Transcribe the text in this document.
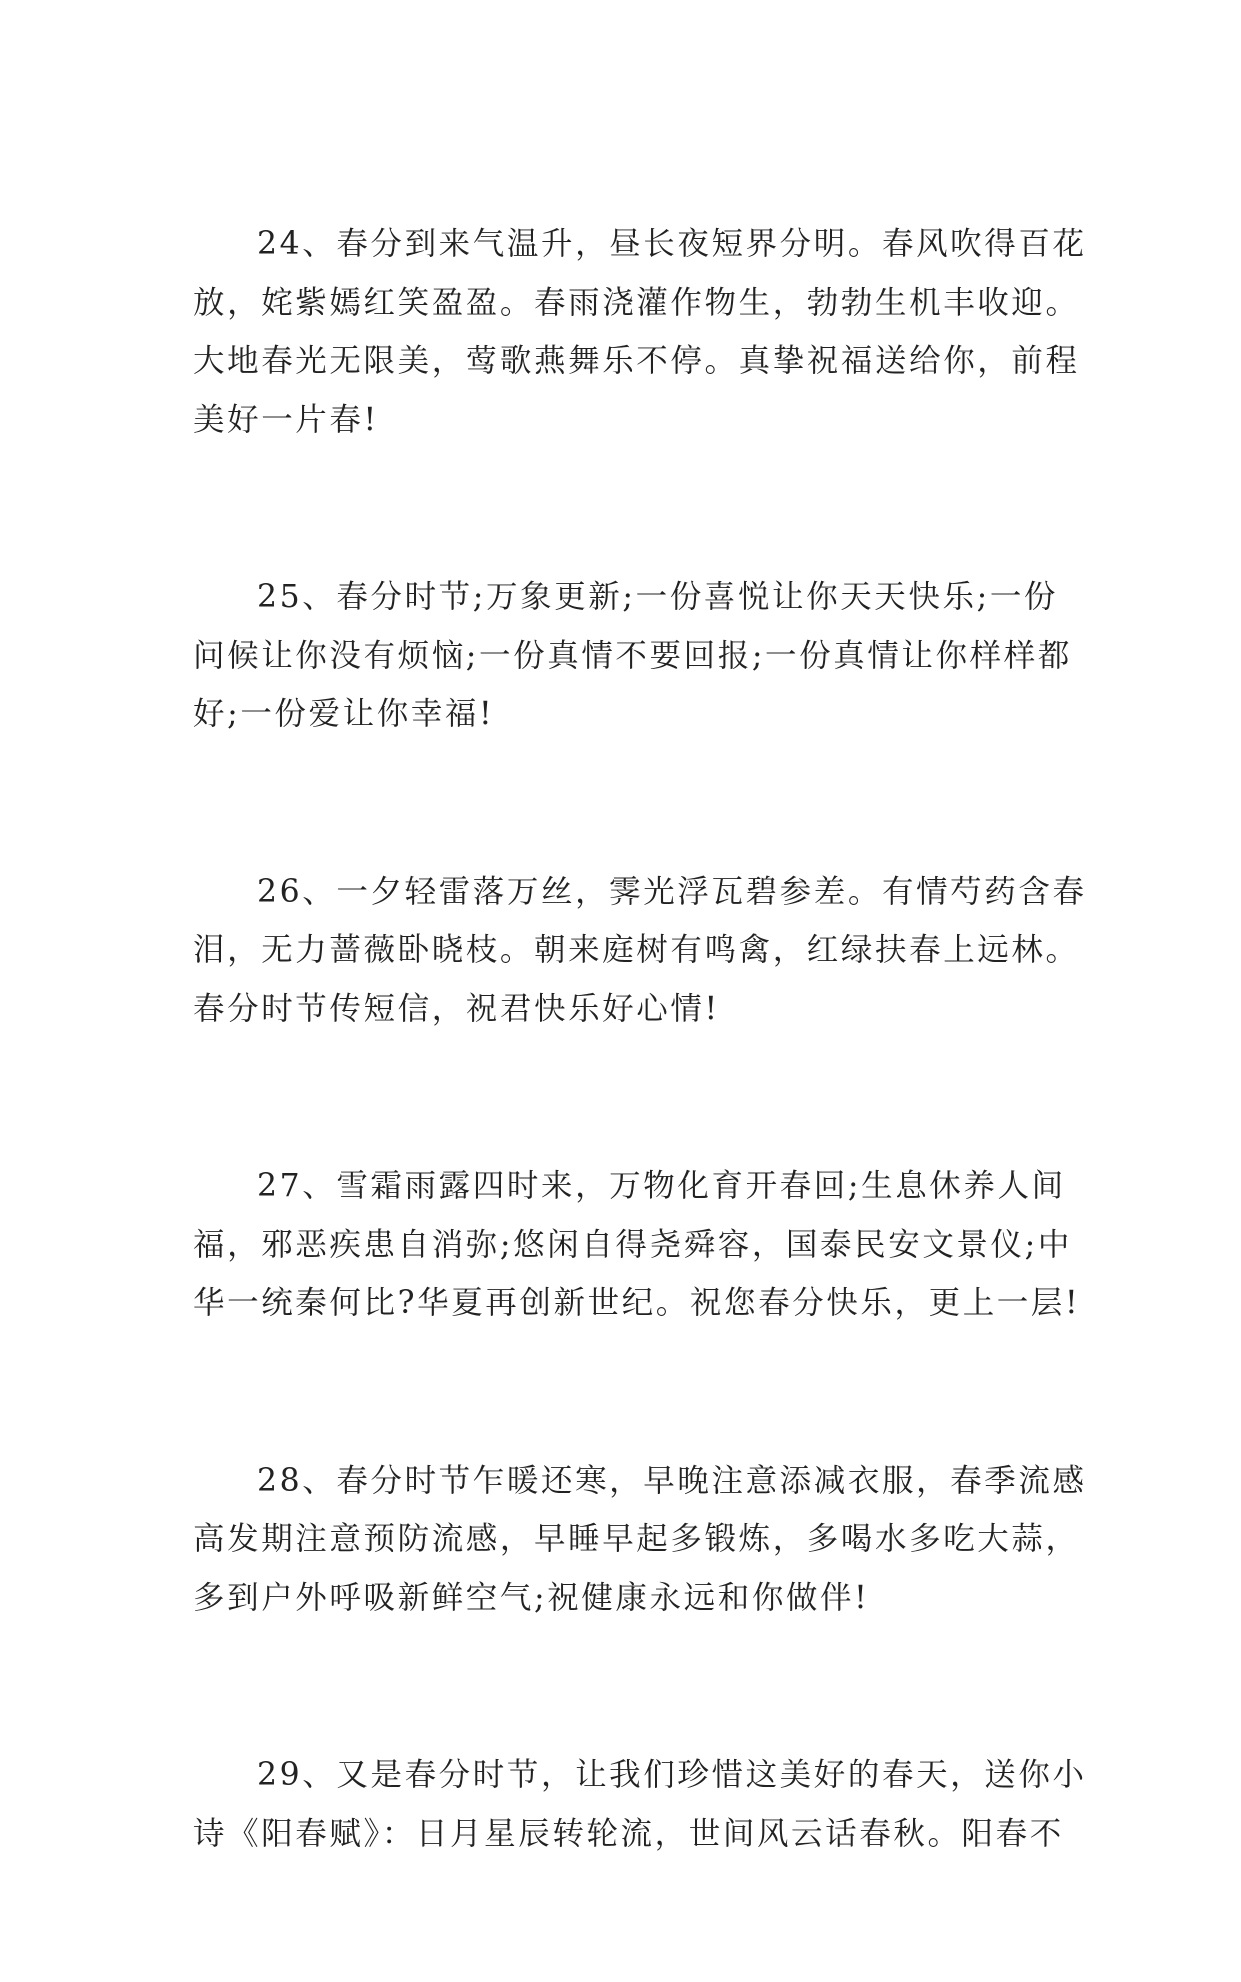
24、春分到来气温升，昼长夜短界分明。春风吹得百花
放，姹紫嫣红笑盈盈。春雨浇灌作物生，勃勃生机丰收迎。
大地春光无限美，莺歌燕舞乐不停。真挚祝福送给你，前程
美好一片春!

25、春分时节;万象更新;一份喜悦让你天天快乐;一份
问候让你没有烦恼;一份真情不要回报;一份真情让你样样都
好;一份爱让你幸福!

26、一夕轻雷落万丝，霁光浮瓦碧参差。有情芍药含春
泪，无力蔷薇卧晓枝。朝来庭树有鸣禽，红绿扶春上远林。
春分时节传短信，祝君快乐好心情!

27、雪霜雨露四时来，万物化育开春回;生息休养人间
福，邪恶疾患自消弥;悠闲自得尧舜容，国泰民安文景仪;中
华一统秦何比?华夏再创新世纪。祝您春分快乐，更上一层!

28、春分时节乍暖还寒，早晚注意添减衣服，春季流感
高发期注意预防流感，早睡早起多锻炼，多喝水多吃大蒜，
多到户外呼吸新鲜空气;祝健康永远和你做伴!

29、又是春分时节，让我们珍惜这美好的春天，送你小
诗《阳春赋》：日月星辰转轮流，世间风云话春秋。阳春不
